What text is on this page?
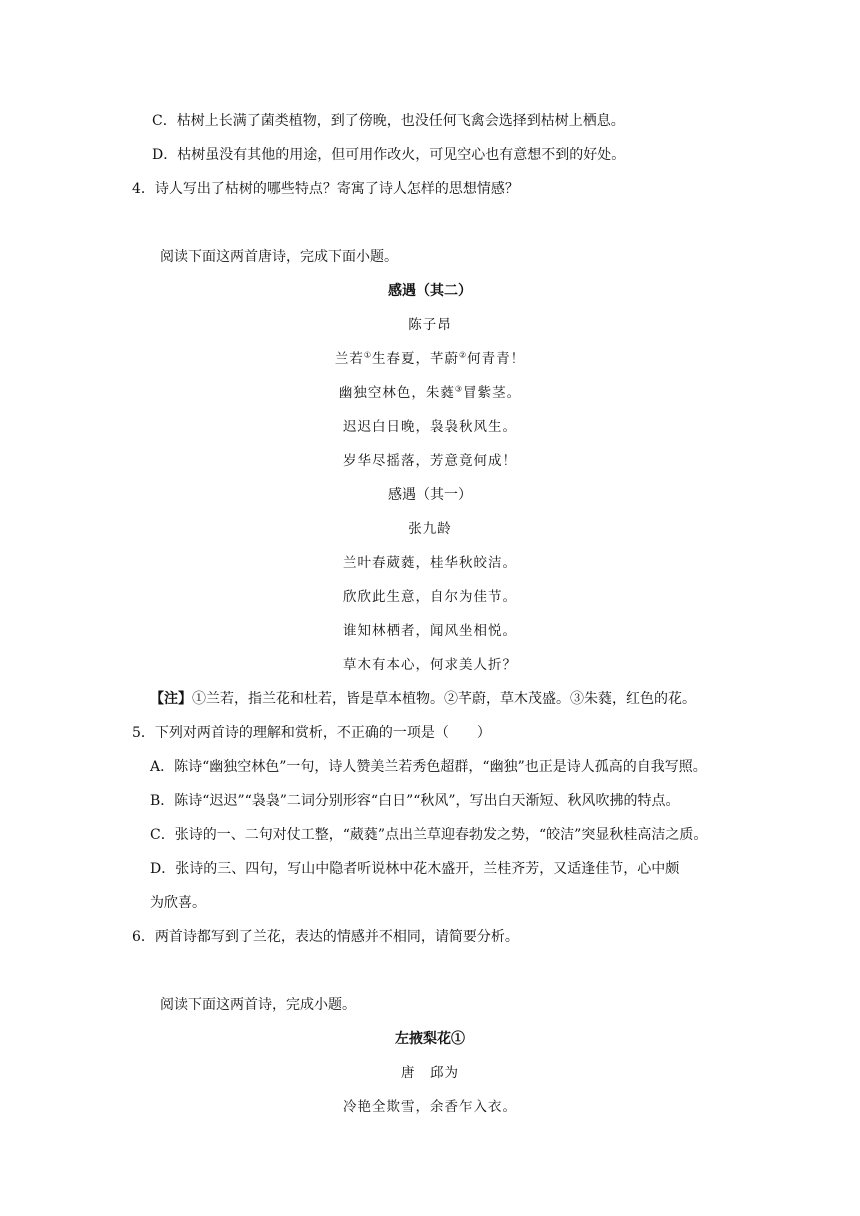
C．枯树上长满了菌类植物，到了傍晚，也没任何飞禽会选择到枯树上栖息。
D．枯树虽没有其他的用途，但可用作改火，可见空心也有意想不到的好处。
4．诗人写出了枯树的哪些特点？寄寓了诗人怎样的思想情感？
阅读下面这两首唐诗，完成下面小题。
感遇（其二）
陈子昂
兰若①生春夏，芊蔚②何青青！
幽独空林色，朱蕤③冒紫茎。
迟迟白日晚，袅袅秋风生。
岁华尽摇落，芳意竟何成！
感遇（其一）
张九龄
兰叶春葳蕤，桂华秋皎洁。
欣欣此生意，自尔为佳节。
谁知林栖者，闻风坐相悦。
草木有本心，何求美人折？
【注】①兰若，指兰花和杜若，皆是草本植物。②芊蔚，草木茂盛。③朱蕤，红色的花。
5．下列对两首诗的理解和赏析，不正确的一项是（　　）
A．陈诗“幽独空林色”一句，诗人赞美兰若秀色超群，“幽独”也正是诗人孤高的自我写照。
B．陈诗“迟迟”“袅袅”二词分别形容“白日”“秋风”，写出白天渐短、秋风吹拂的特点。
C．张诗的一、二句对仗工整，“葳蕤”点出兰草迎春勃发之势，“皎洁”突显秋桂高洁之质。
D．张诗的三、四句，写山中隐者听说林中花木盛开，兰桂齐芳，又适逢佳节，心中颇
为欣喜。
6．两首诗都写到了兰花，表达的情感并不相同，请简要分析。
阅读下面这两首诗，完成小题。
左掖梨花①
唐　邱为
冷艳全欺雪，余香乍入衣。
